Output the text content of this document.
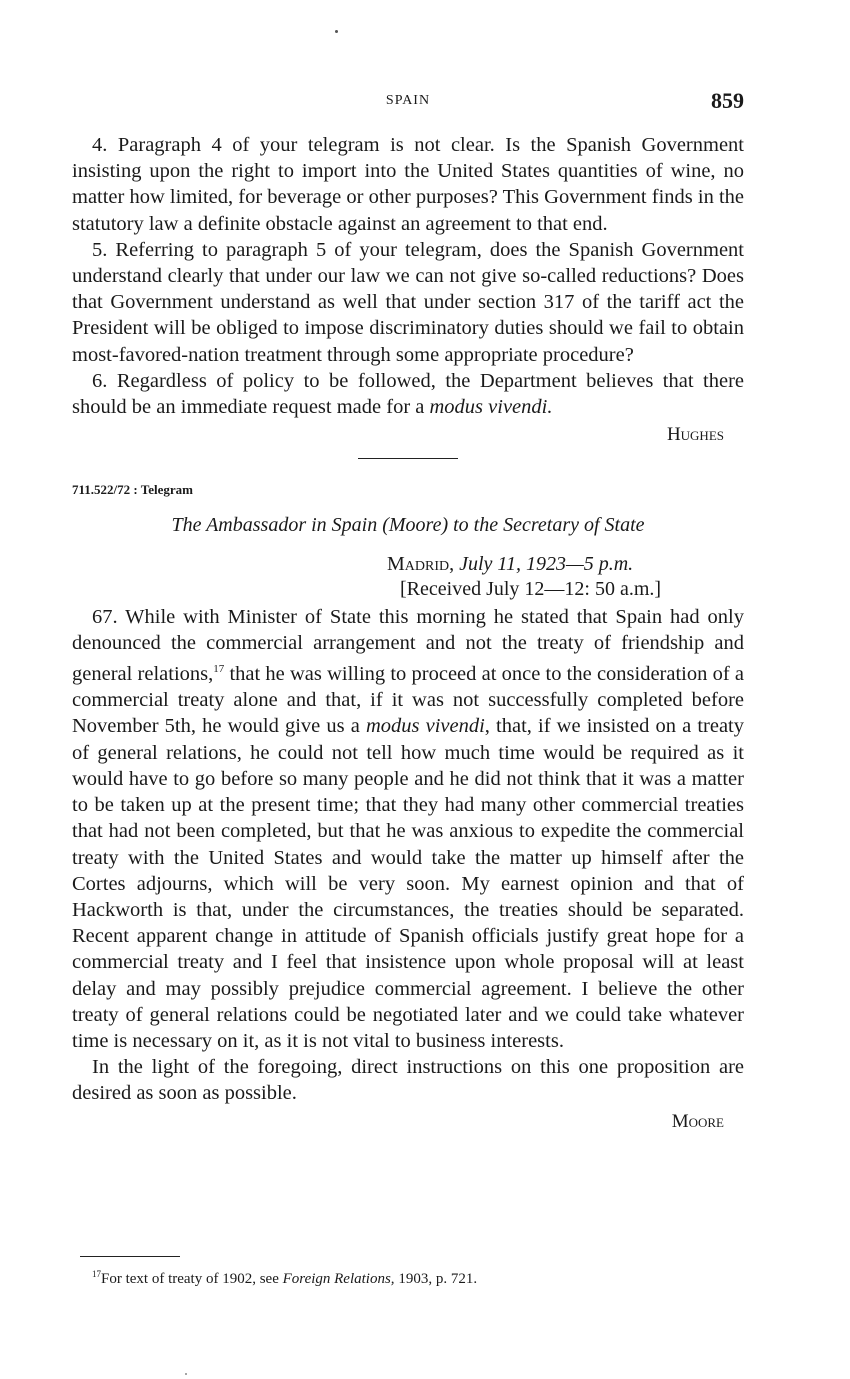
SPAIN	859

4. Paragraph 4 of your telegram is not clear. Is the Spanish Government insisting upon the right to import into the United States quantities of wine, no matter how limited, for beverage or other purposes? This Government finds in the statutory law a definite obstacle against an agreement to that end.

5. Referring to paragraph 5 of your telegram, does the Spanish Government understand clearly that under our law we can not give so-called reductions? Does that Government understand as well that under section 317 of the tariff act the President will be obliged to impose discriminatory duties should we fail to obtain most-favored-nation treatment through some appropriate procedure?

6. Regardless of policy to be followed, the Department believes that there should be an immediate request made for a modus vivendi.

Hughes
711.522/72 : Telegram
The Ambassador in Spain (Moore) to the Secretary of State
Madrid, July 11, 1923—5 p.m.
[Received July 12—12: 50 a.m.]

67. While with Minister of State this morning he stated that Spain had only denounced the commercial arrangement and not the treaty of friendship and general relations,$^{17}$ that he was willing to proceed at once to the consideration of a commercial treaty alone and that, if it was not successfully completed before November 5th, he would give us a modus vivendi, that, if we insisted on a treaty of general relations, he could not tell how much time would be required as it would have to go before so many people and he did not think that it was a matter to be taken up at the present time; that they had many other commercial treaties that had not been completed, but that he was anxious to expedite the commercial treaty with the United States and would take the matter up himself after the Cortes adjourns, which will be very soon. My earnest opinion and that of Hackworth is that, under the circumstances, the treaties should be separated. Recent apparent change in attitude of Spanish officials justify great hope for a commercial treaty and I feel that insistence upon whole proposal will at least delay and may possibly prejudice commercial agreement. I believe the other treaty of general relations could be negotiated later and we could take whatever time is necessary on it, as it is not vital to business interests.

In the light of the foregoing, direct instructions on this one proposition are desired as soon as possible.

Moore
$^{17}$For text of treaty of 1902, see Foreign Relations, 1903, p. 721.
